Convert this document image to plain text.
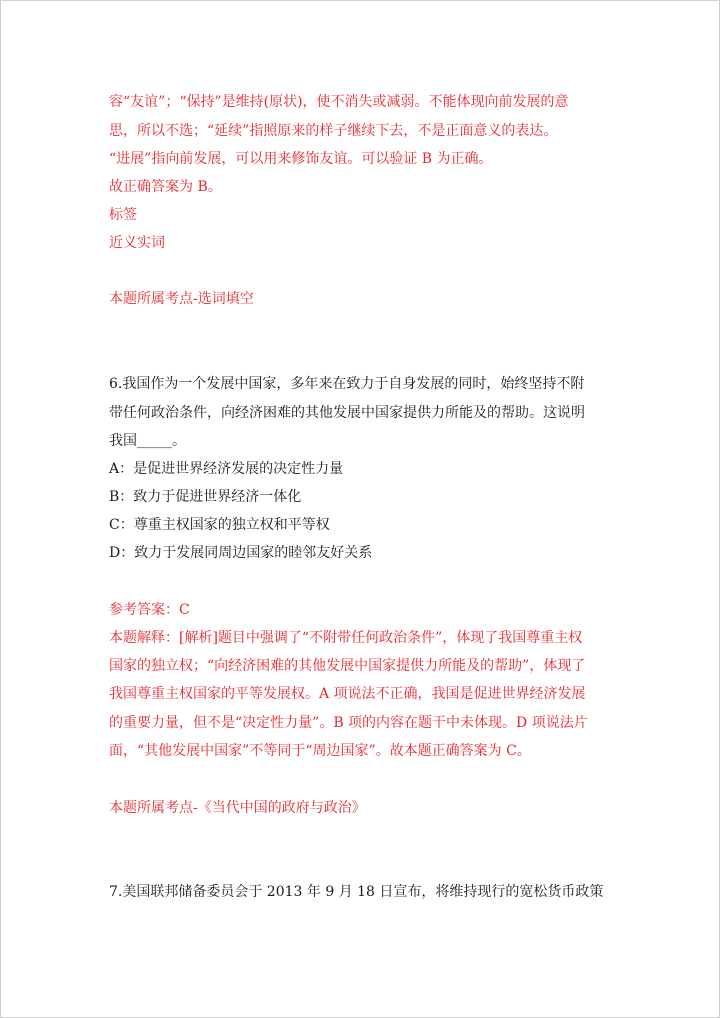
容“友谊”；“保持”是维持(原状)，使不消失或减弱。不能体现向前发展的意
思，所以不选；“延续”指照原来的样子继续下去，不是正面意义的表达。
“进展”指向前发展，可以用来修饰友谊。可以验证 B 为正确。
故正确答案为 B。
标签
近义实词
本题所属考点-选词填空
6.我国作为一个发展中国家，多年来在致力于自身发展的同时，始终坚持不附
带任何政治条件，向经济困难的其他发展中国家提供力所能及的帮助。这说明
我国_____。
A：是促进世界经济发展的决定性力量
B：致力于促进世界经济一体化
C：尊重主权国家的独立权和平等权
D：致力于发展同周边国家的睦邻友好关系
参考答案：C
本题解释：[解析]题目中强调了“不附带任何政治条件”，体现了我国尊重主权
国家的独立权；“向经济困难的其他发展中国家提供力所能及的帮助”，体现了
我国尊重主权国家的平等发展权。A 项说法不正确，我国是促进世界经济发展
的重要力量，但不是“决定性力量”。B 项的内容在题干中未体现。D 项说法片
面，“其他发展中国家”不等同于“周边国家”。故本题正确答案为 C。
本题所属考点-《当代中国的政府与政治》
7.美国联邦储备委员会于 2013 年 9 月 18 日宣布，将维持现行的宽松货币政策
